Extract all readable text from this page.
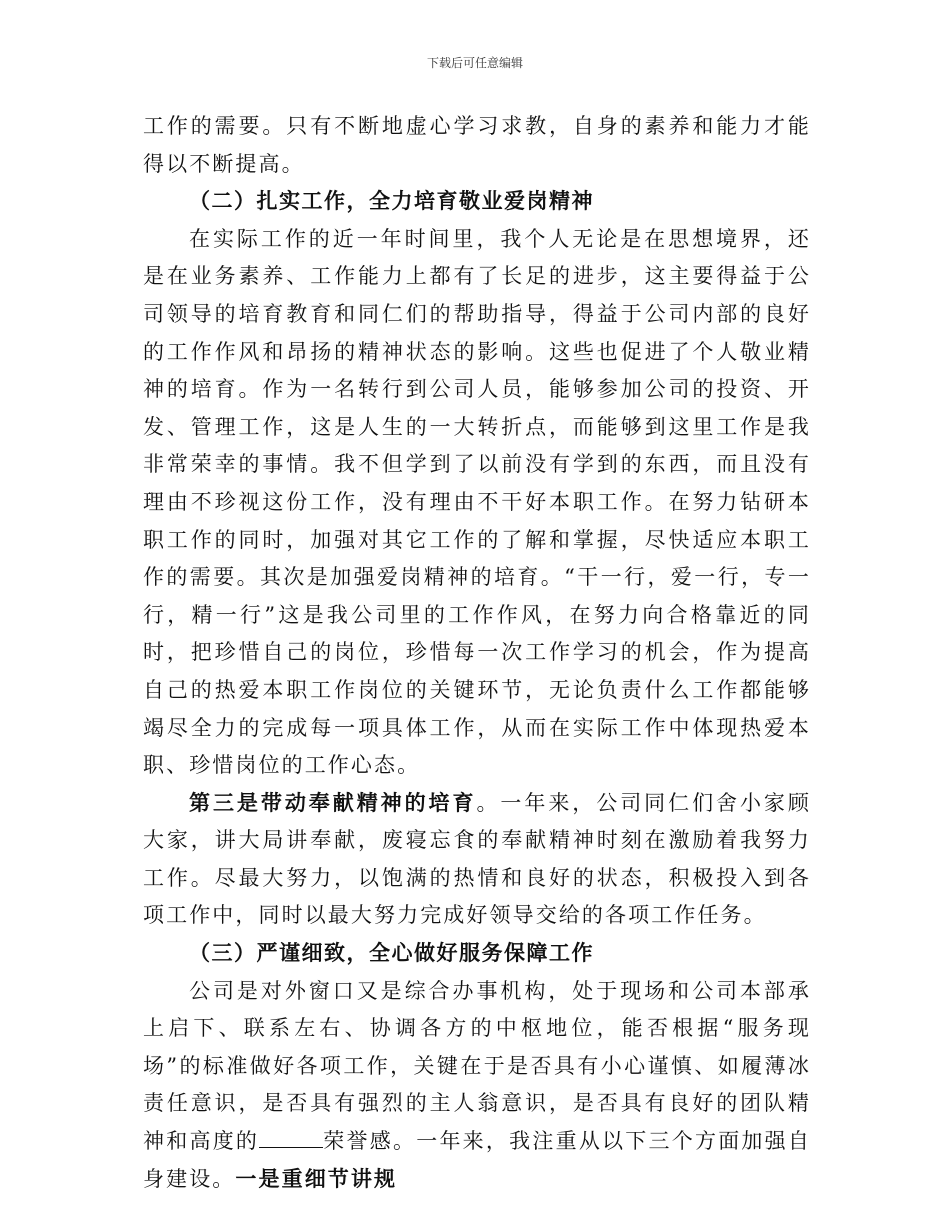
下载后可任意编辑

工作的需要。只有不断地虚心学习求教，自身的素养和能力才能得以不断提高。

（二）扎实工作，全力培育敬业爱岗精神

在实际工作的近一年时间里，我个人无论是在思想境界，还是在业务素养、工作能力上都有了长足的进步，这主要得益于公司领导的培育教育和同仁们的帮助指导，得益于公司内部的良好的工作作风和昂扬的精神状态的影响。这些也促进了个人敬业精神的培育。作为一名转行到公司人员，能够参加公司的投资、开发、管理工作，这是人生的一大转折点，而能够到这里工作是我非常荣幸的事情。我不但学到了以前没有学到的东西，而且没有理由不珍视这份工作，没有理由不干好本职工作。在努力钻研本职工作的同时，加强对其它工作的了解和掌握，尽快适应本职工作的需要。其次是加强爱岗精神的培育。“干一行，爱一行，专一行，精一行”这是我公司里的工作作风，在努力向合格靠近的同时，把珍惜自己的岗位，珍惜每一次工作学习的机会，作为提高自己的热爱本职工作岗位的关键环节，无论负责什么工作都能够竭尽全力的完成每一项具体工作，从而在实际工作中体现热爱本职、珍惜岗位的工作心态。

第三是带动奉献精神的培育。一年来，公司同仁们舍小家顾大家，讲大局讲奉献，废寝忘食的奉献精神时刻在激励着我努力工作。尽最大努力，以饱满的热情和良好的状态，积极投入到各项工作中，同时以最大努力完成好领导交给的各项工作任务。

（三）严谨细致，全心做好服务保障工作

公司是对外窗口又是综合办事机构，处于现场和公司本部承上启下、联系左右、协调各方的中枢地位，能否根据“服务现场”的标准做好各项工作，关键在于是否具有小心谨慎、如履薄冰责任意识，是否具有强烈的主人翁意识，是否具有良好的团队精神和高度的	荣誉感。一年来，我注重从以下三个方面加强自身建设。一是重细节讲规
